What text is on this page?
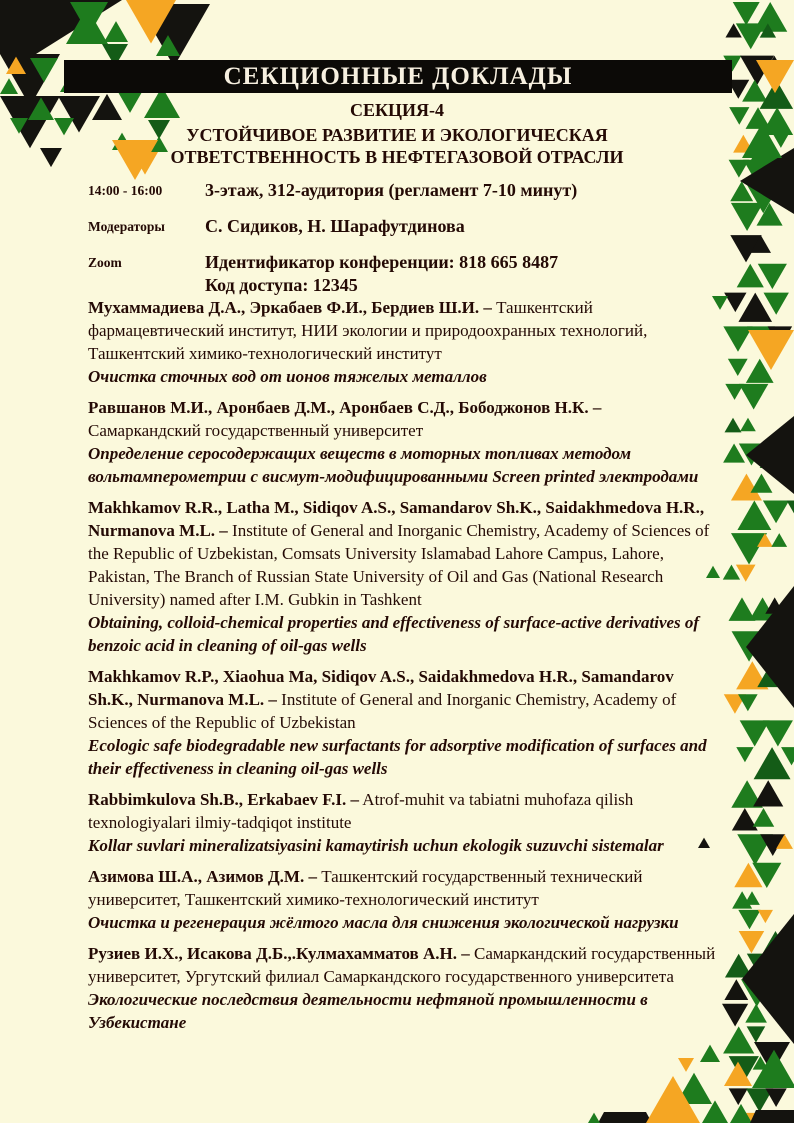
СЕКЦИОННЫЕ ДОКЛАДЫ
СЕКЦИЯ-4
УСТОЙЧИВОЕ РАЗВИТИЕ И ЭКОЛОГИЧЕСКАЯ
ОТВЕТСТВЕННОСТЬ В НЕФТЕГАЗОВОЙ ОТРАСЛИ
14:00 - 16:00	3-этаж, 312-аудитория (регламент 7-10 минут)
Модераторы	С. Сидиков, Н. Шарафутдинова
Zoom	Идентификатор конференции: 818 665 8487
Код доступа: 12345
Мухаммадиева Д.А., Эркабаев Ф.И., Бердиев Ш.И. – Ташкентский фармацевтический институт, НИИ экологии и природоохранных технологий, Ташкентский химико-технологический институт
Очистка сточных вод от ионов тяжелых металлов
Равшанов М.И., Аронбаев Д.М., Аронбаев С.Д., Бободжонов Н.К. – Самаркандский государственный университет
Определение серосодержащих веществ в моторных топливах методом вольтамперометрии с висмут-модифицированными Screen printed электродами
Makhkamov R.R., Latha M., Sidiqov A.S., Samandarov Sh.K., Saidakhmedova H.R., Nurmanova M.L. – Institute of General and Inorganic Chemistry, Academy of Sciences of the Republic of Uzbekistan, Comsats University Islamabad Lahore Campus, Lahore, Pakistan, The Branch of Russian State University of Oil and Gas (National Research University) named after I.M. Gubkin in Tashkent
Obtaining, colloid-chemical properties and effectiveness of surface-active derivatives of benzoic acid in cleaning of oil-gas wells
Makhkamov R.P., Xiaohua Ma, Sidiqov A.S., Saidakhmedova H.R., Samandarov Sh.K., Nurmanova M.L. – Institute of General and Inorganic Chemistry, Academy of Sciences of the Republic of Uzbekistan
Ecologic safe biodegradable new surfactants for adsorptive modification of surfaces and their effectiveness in cleaning oil-gas wells
Rabbimkulova Sh.B., Erkabaev F.I. – Atrof-muhit va tabiatni muhofaza qilish texnologiyalari ilmiy-tadqiqot institute
Kollar suvlari mineralizatsiyasini kamaytirish uchun ekologik suzuvchi sistemalar
Азимова Ш.А., Азимов Д.М. – Ташкентский государственный технический университет, Ташкентский химико-технологический институт
Очистка и регенерация жёлтого масла для снижения экологической нагрузки
Рузиев И.Х., Исакова Д.Б.,.Кулмахамматов А.Н. – Самаркандский государственный университет, Ургутский филиал Самаркандского государственного университета
Экологические последствия деятельности нефтяной промышленности в Узбекистане
